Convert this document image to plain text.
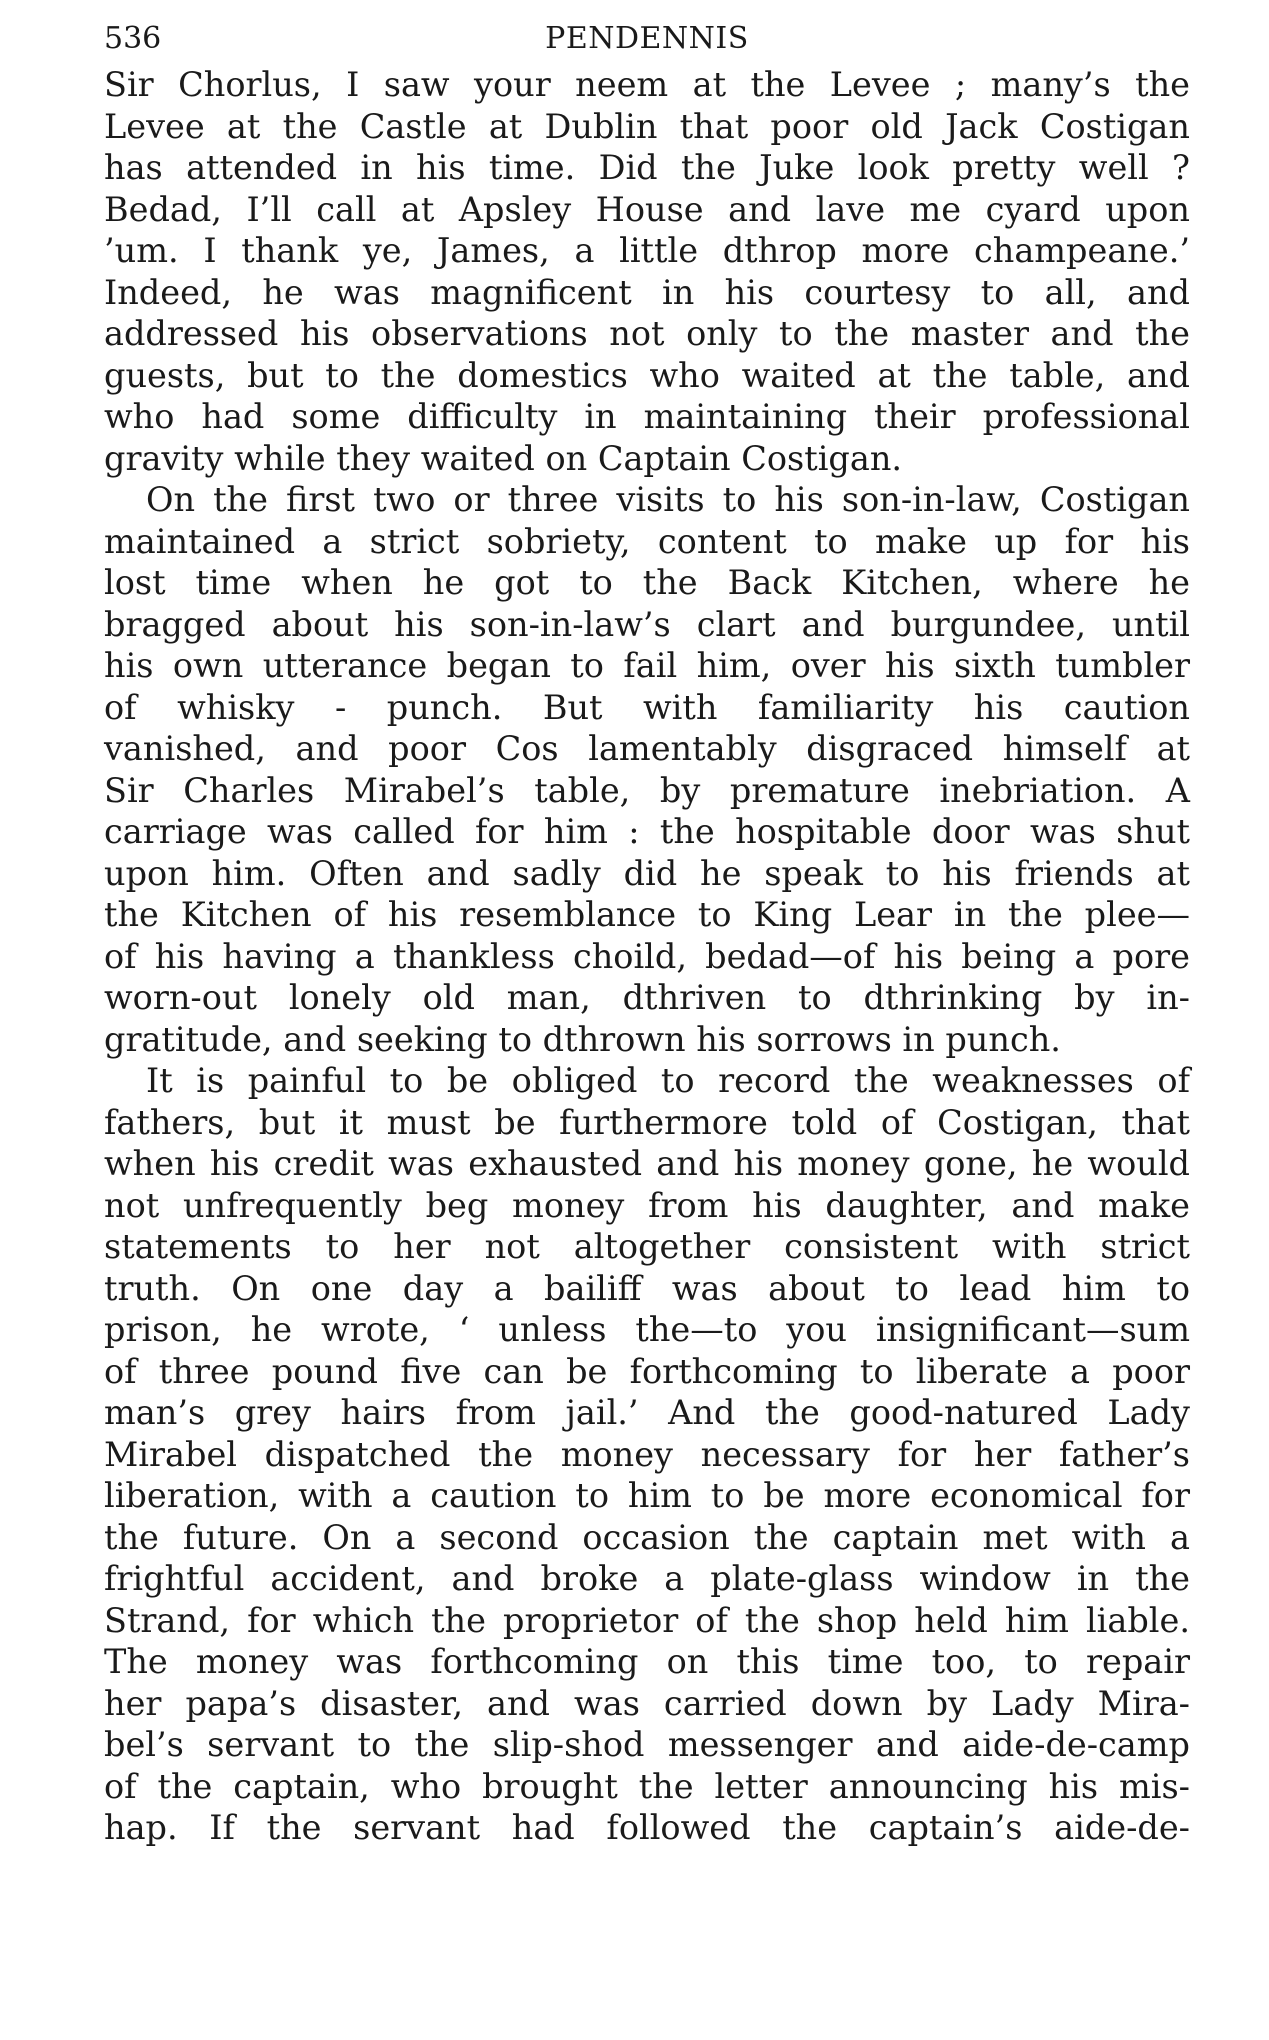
536	PENDENNIS
Sir Chorlus, I saw your neem at the Levee ; many’s the
Levee at the Castle at Dublin that poor old Jack Costigan
has attended in his time. Did the Juke look pretty well ?
Bedad, I’ll call at Apsley House and lave me cyard upon
’um. I thank ye, James, a little dthrop more champeane.’
Indeed, he was magnificent in his courtesy to all, and
addressed his observations not only to the master and the
guests, but to the domestics who waited at the table, and
who had some difficulty in maintaining their professional
gravity while they waited on Captain Costigan.
On the first two or three visits to his son-in-law, Costigan
maintained a strict sobriety, content to make up for his
lost time when he got to the Back Kitchen, where he
bragged about his son-in-law’s clart and burgundee, until
his own utterance began to fail him, over his sixth tumbler
of whisky - punch. But with familiarity his caution
vanished, and poor Cos lamentably disgraced himself at
Sir Charles Mirabel’s table, by premature inebriation. A
carriage was called for him : the hospitable door was shut
upon him. Often and sadly did he speak to his friends at
the Kitchen of his resemblance to King Lear in the plee—
of his having a thankless choild, bedad—of his being a pore
worn-out lonely old man, dthriven to dthrinking by in-
gratitude, and seeking to dthrown his sorrows in punch.
It is painful to be obliged to record the weaknesses of
fathers, but it must be furthermore told of Costigan, that
when his credit was exhausted and his money gone, he would
not unfrequently beg money from his daughter, and make
statements to her not altogether consistent with strict
truth. On one day a bailiff was about to lead him to
prison, he wrote, ‘ unless the—to you insignificant—sum
of three pound five can be forthcoming to liberate a poor
man’s grey hairs from jail.’ And the good-natured Lady
Mirabel dispatched the money necessary for her father’s
liberation, with a caution to him to be more economical for
the future. On a second occasion the captain met with a
frightful accident, and broke a plate-glass window in the
Strand, for which the proprietor of the shop held him liable.
The money was forthcoming on this time too, to repair
her papa’s disaster, and was carried down by Lady Mira-
bel’s servant to the slip-shod messenger and aide-de-camp
of the captain, who brought the letter announcing his mis-
hap. If the servant had followed the captain’s aide-de-
